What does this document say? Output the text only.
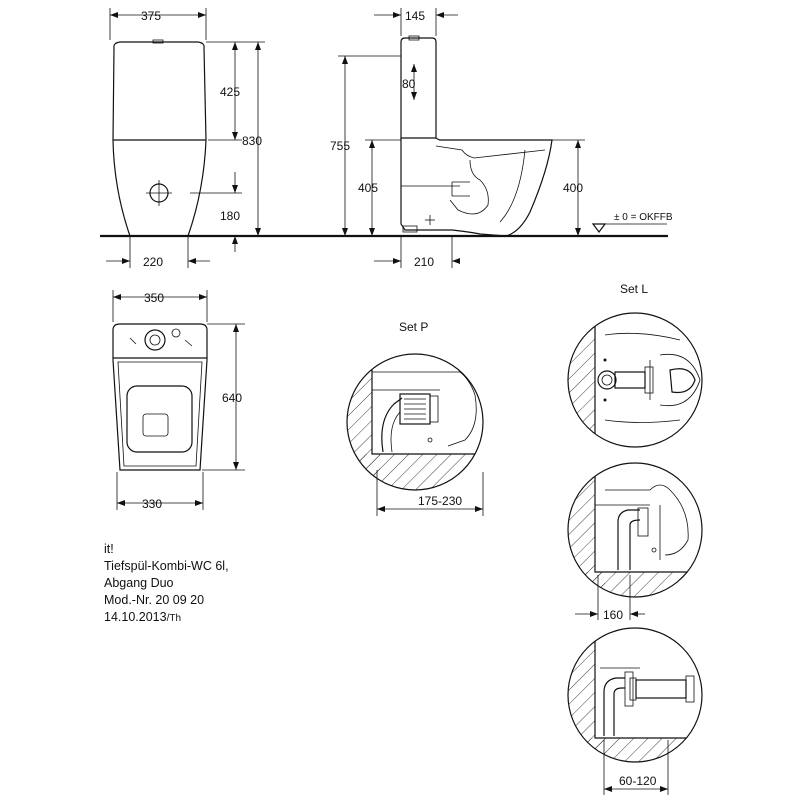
375
425
180
830
220
145
80
755
405	400
± 0 = OKFFB
210
350
640
330
Set P
175-230
Set L
160
60-120
it!
Tiefspül-Kombi-WC 6l,
Abgang Duo
Mod.-Nr. 20 09 20
14.10.2013/Th
